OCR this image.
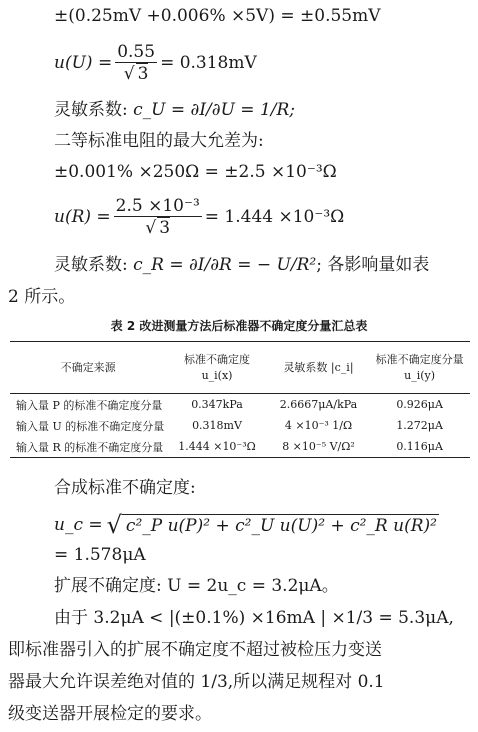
±(0.25mV +0.006% ×5V) = ±0.55mV
$u(U) = \frac{0.55}{√ 3} = 0.318mV$
灵敏系数: c_U = ∂I/∂U = 1/R;
二等标准电阻的最大允差为:
±0.001% ×250Ω = ±2.5 ×10⁻³Ω
$u(R) = \frac{\text{2.5 ×10⁻³}}{√ 3} = 1.444 \times 10^{-3}\Omega$
灵敏系数: c_R = ∂I/∂R = − U/R²; 各影响量如表
2 所示。
表 2 改进测量方法后标准器不确定度分量汇总表
不确定来源	标准不确定度 u_i(x)	灵敏系数 |c_i|	标准不确定度分量 u_i(y)
输入量 P 的标准不确定度分量	0.347kPa	2.6667μA/kPa	0.926μA
输入量 U 的标准不确定度分量	0.318mV	4 ×10⁻³ 1/Ω	1.272μA
输入量 R 的标准不确定度分量	1.444 ×10⁻³Ω	8 ×10⁻⁵ V/Ω²	0.116μA
合成标准不确定度:
u_c = √ c²_P u(P)² + c²_U u(U)² + c²_R u(R)²
= 1.578μA
扩展不确定度: U = 2u_c = 3.2μA。
由于 3.2μA < |(±0.1%) ×16mA | ×1/3 = 5.3μA,
即标准器引入的扩展不确定度不超过被检压力变送
器最大允许误差绝对值的 1/3,所以满足规程对 0.1
级变送器开展检定的要求。
